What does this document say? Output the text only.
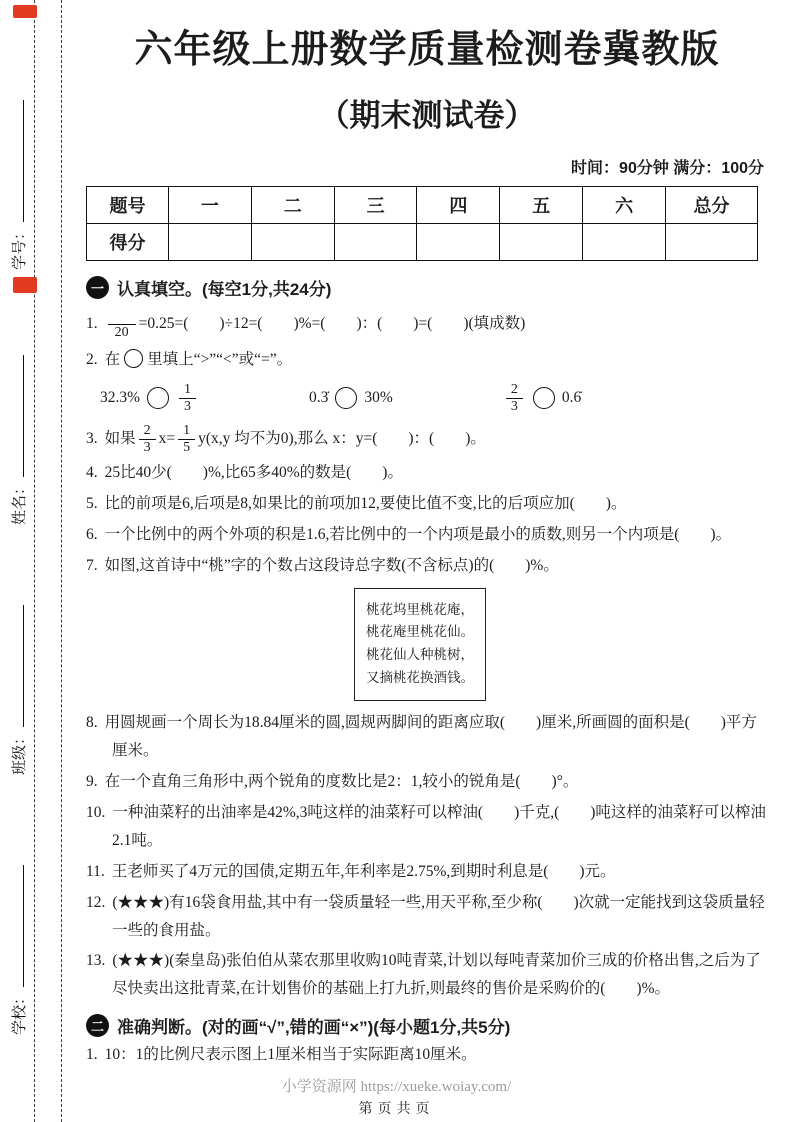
学号：
姓名：
班级：
学校：
六年级上册数学质量检测卷冀教版
（期末测试卷）
时间：90分钟 满分：100分
题号	一	二	三	四	五	六	总分
得分							
一 认真填空。(每空1分,共24分)
1.
20
=0.25=(　　)÷12=(　　)%=(　　)：(　　)=(　　)(填成数)
2. 在 里填上“>”“<”或“=”。
32.3%	$\frac{1}{3}$	0.3̇ 30%	$\frac{2}{3}$	0.6̇
3. 如果 $\frac{2}{3} x= \frac{1}{5} y(x,y$ 均不为0),那么 x：y=(　　)：(　　)。
4. 25比40少(　　)%,比65多40%的数是(　　)。
5. 比的前项是6,后项是8,如果比的前项加12,要使比值不变,比的后项应加(　　)。
6. 一个比例中的两个外项的积是1.6,若比例中的一个内项是最小的质数,则另一个内项是(　　)。
7. 如图,这首诗中“桃”字的个数占这段诗总字数(不含标点)的(　　)%。
桃花坞里桃花庵，
桃花庵里桃花仙。
桃花仙人种桃树，
又摘桃花换酒钱。
8. 用圆规画一个周长为18.84厘米的圆,圆规两脚间的距离应取(　　)厘米,所画圆的面积是(　　)平方厘米。
9. 在一个直角三角形中,两个锐角的度数比是2：1,较小的锐角是(　　)°。
10. 一种油菜籽的出油率是42%,3吨这样的油菜籽可以榨油(　　)千克,(　　)吨这样的油菜籽可以榨油2.1吨。
11. 王老师买了4万元的国债,定期五年,年利率是2.75%,到期时利息是(　　)元。
12. (★★★)有16袋食用盐,其中有一袋质量轻一些,用天平称,至少称(　　)次就一定能找到这袋质量轻一些的食用盐。
13. (★★★)(秦皇岛)张伯伯从菜农那里收购10吨青菜,计划以每吨青菜加价三成的价格出售,之后为了尽快卖出这批青菜,在计划售价的基础上打九折,则最终的售价是采购价的(　　)%。
二 准确判断。(对的画“√”,错的画“×”)(每小题1分,共5分)
1. 10：1的比例尺表示图上1厘米相当于实际距离10厘米。
小学资源网 https://xueke.woiay.com/
第页共页
